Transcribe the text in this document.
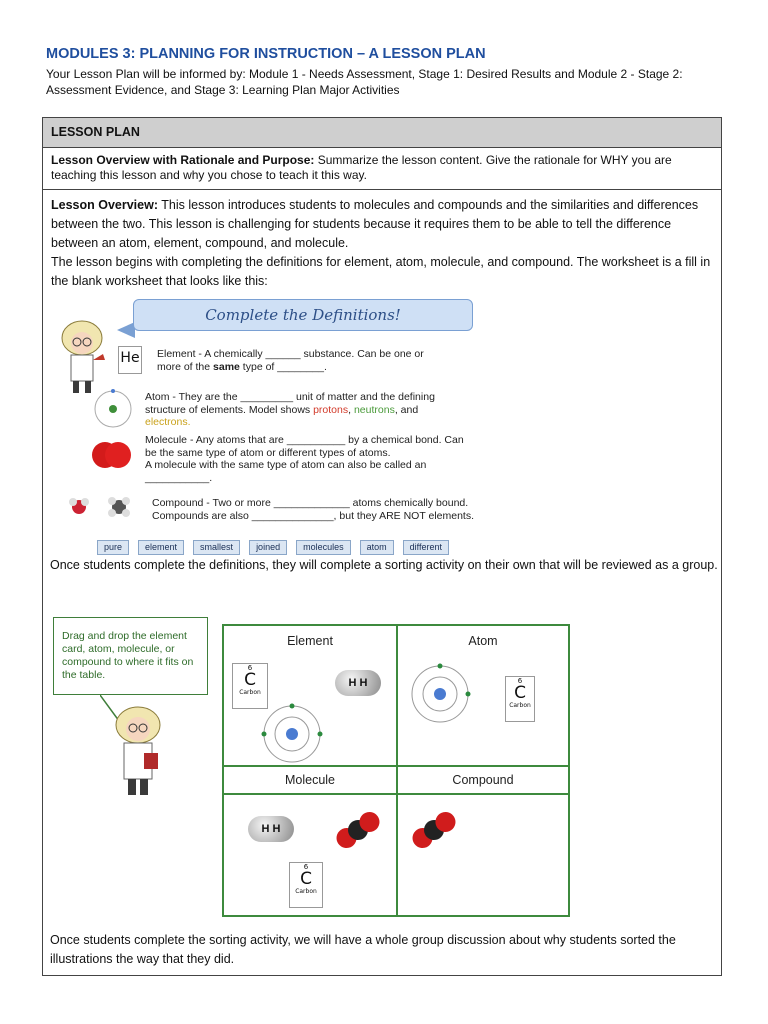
MODULES 3: PLANNING FOR INSTRUCTION – A LESSON PLAN
Your Lesson Plan will be informed by: Module 1 - Needs Assessment, Stage 1: Desired Results and Module 2 - Stage 2: Assessment Evidence, and Stage 3: Learning Plan Major Activities
LESSON PLAN
Lesson Overview with Rationale and Purpose: Summarize the lesson content. Give the rationale for WHY you are teaching this lesson and why you chose to teach it this way.
Lesson Overview: This lesson introduces students to molecules and compounds and the similarities and differences between the two. This lesson is challenging for students because it requires them to be able to tell the difference between an atom, element, compound, and molecule.
The lesson begins with completing the definitions for element, atom, molecule, and compound. The worksheet is a fill in the blank worksheet that looks like this:
Complete the Definitions!
He Element - A chemically ______ substance. Can be one or
more of the same type of ________.
Atom - They are the _________ unit of matter and the defining
structure of elements. Model shows protons, neutrons, and
electrons.
Molecule - Any atoms that are __________ by a chemical bond. Can
be the same type of atom or different types of atoms.
A molecule with the same type of atom can also be called an
___________.
Compound - Two or more _____________ atoms chemically bound.
Compounds are also ______________, but they ARE NOT elements.
pure	element	smallest	joined	molecules	atom	different
Once students complete the definitions, they will complete a sorting activity on their own that will be reviewed as a group.
Drag and drop the element card, atom, molecule, or compound to where it fits on the table.
Element	Atom
Molecule	Compound
6
C
Carbon
H H	6
C
Carbon
H H
6
C
Carbon
Once students complete the sorting activity, we will have a whole group discussion about why students sorted the illustrations the way that they did.
